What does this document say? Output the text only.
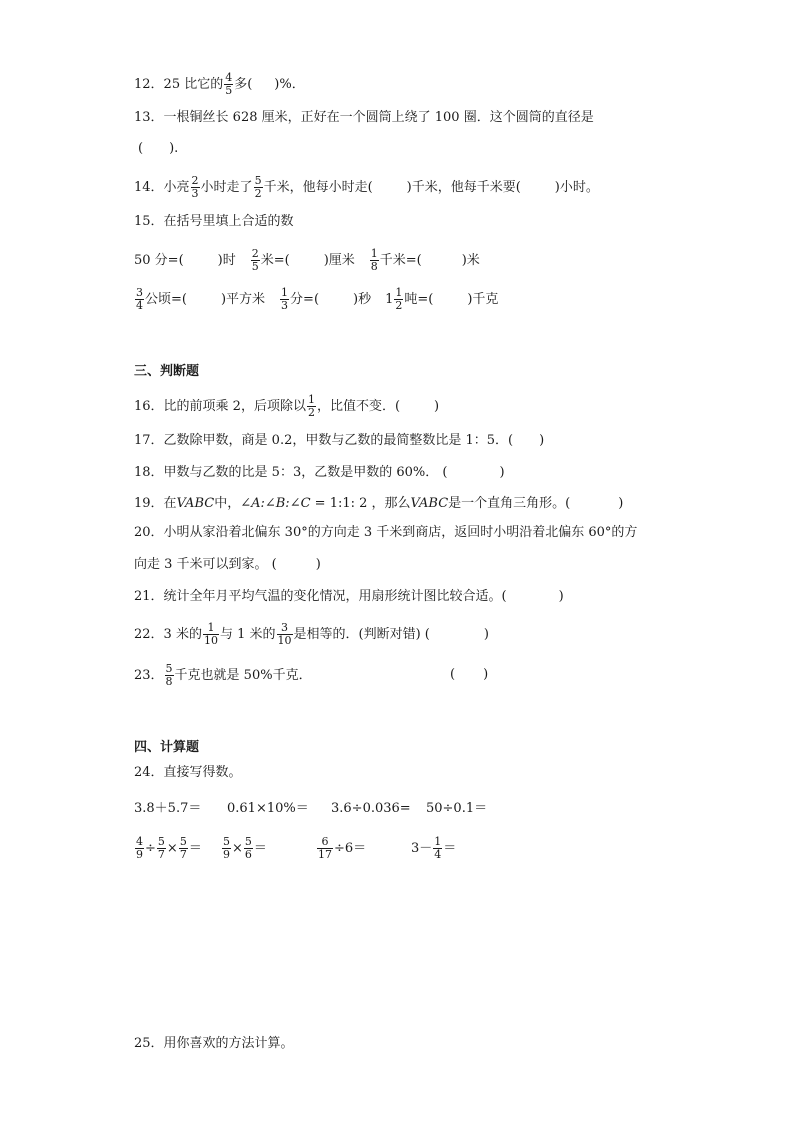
12．25 比它的 $\frac{4}{5}$ 多( )%．
13．一根铜丝长 628 厘米，正好在一个圆筒上绕了 100 圈．这个圆筒的直径是
( ).
14．小亮 $\frac{2}{3}$ 小时走了 $\frac{5}{2}$ 千米，他每小时走(	)千米，他每千米要(	)小时。
15．在括号里填上合适的数
50 分=(	)时 $\frac{2}{5}$ 米=(	)厘米 $\frac{1}{8}$ 千米=(	)米
$\frac{3}{4}$ 公顷=(	)平方米 $\frac{1}{3}$ 分=(	)秒 $1 \frac{1}{2}$ 吨=(	)千克
三、判断题
16．比的前项乘 2，后项除以 $\frac{1}{2}$ ，比值不变．(	)
17．乙数除甲数，商是 0.2，甲数与乙数的最简整数比是 1：5．(　　)
18．甲数与乙数的比是 5：3，乙数是甲数的 60%． (　　　　)
19．在VABC中，∠A:∠B:∠C = 1:1: 2 ，那么VABC是一个直角三角形。(	)
20．小明从家沿着北偏东 30°的方向走 3 千米到商店，返回时小明沿着北偏东 60°的方
向走 3 千米可以到家。 (　　　)
21．统计全年月平均气温的变化情况，用扇形统计图比较合适。(　　　　)
22．3 米的 $\frac{1}{10}$ 与 1 米的 $\frac{3}{10}$ 是相等的．(判断对错) (	)
23． $\frac{5}{8}$ 千克也就是 50%千克．	( )
四、计算题
24．直接写得数。
3.8＋5.7＝ 0.61×10%＝ 3.6÷0.036= 50÷0.1＝
$\frac{4}{9} \div \frac{5}{7} \times \frac{5}{7} = \frac{5}{9} \times \frac{5}{6}$ ＝	$\frac{6}{17} \div 6=$	$3- \frac{1}{4}$ ＝
25．用你喜欢的方法计算。
